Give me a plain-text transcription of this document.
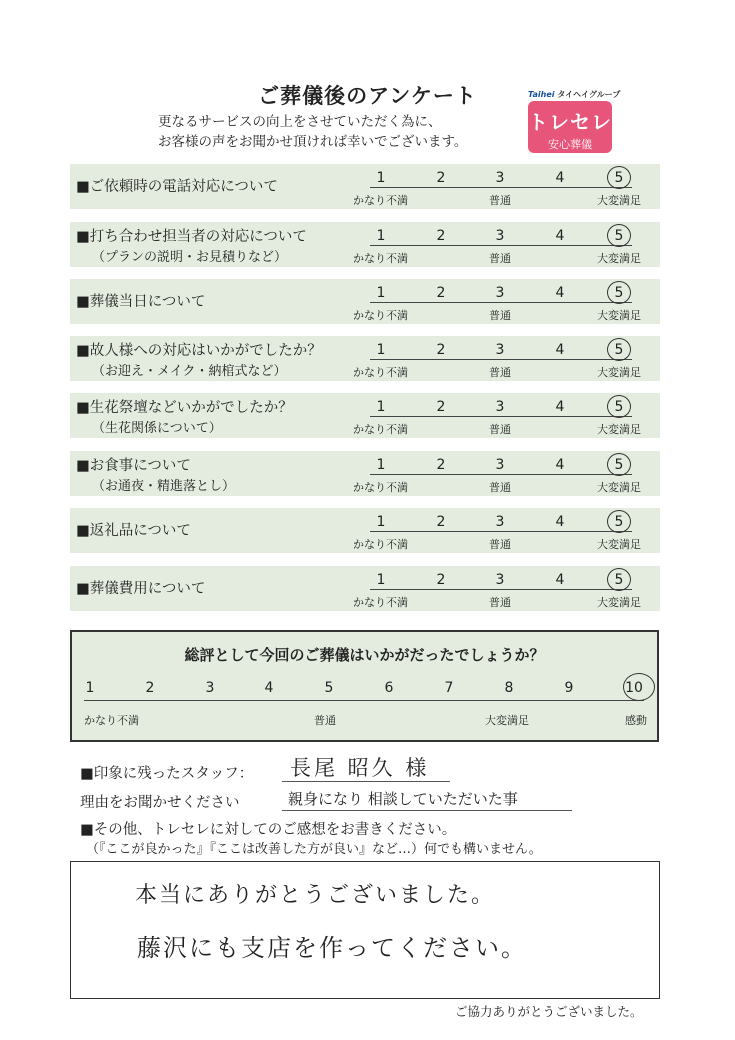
ご葬儀後のアンケート
更なるサービスの向上をさせていただく為に、
お客様の声をお聞かせ頂ければ幸いでございます。
Taihei タイヘイグループ
トレセレ
安心葬儀
■ご依頼時の電話対応について
1	2	3	4	5
かなり不満	普通	大変満足
■打ち合わせ担当者の対応について
（プランの説明・お見積りなど）
1	2	3	4	5
かなり不満	普通	大変満足
■葬儀当日について
1	2	3	4	5
かなり不満	普通	大変満足
■故人様への対応はいかがでしたか？
（お迎え・メイク・納棺式など）
1	2	3	4	5
かなり不満	普通	大変満足
■生花祭壇などいかがでしたか？
（生花関係について）
1	2	3	4	5
かなり不満	普通	大変満足
■お食事について
（お通夜・精進落とし）
1	2	3	4	5
かなり不満	普通	大変満足
■返礼品について
1	2	3	4	5
かなり不満	普通	大変満足
■葬儀費用について
1	2	3	4	5
かなり不満	普通	大変満足
総評として今回のご葬儀はいかがだったでしょうか？
1	2	3	4	5	6	7	8	9	10
かなり不満	普通	大変満足	感動
■印象に残ったスタッフ： 長尾 昭久 様
理由をお聞かせください	親身になり 相談していただいた事
■その他、トレセレに対してのご感想をお書きください。
（『ここが良かった』『ここは改善した方が良い』など…）何でも構いません。
本当にありがとうございました。
藤沢にも支店を作ってください。
ご協力ありがとうございました。
